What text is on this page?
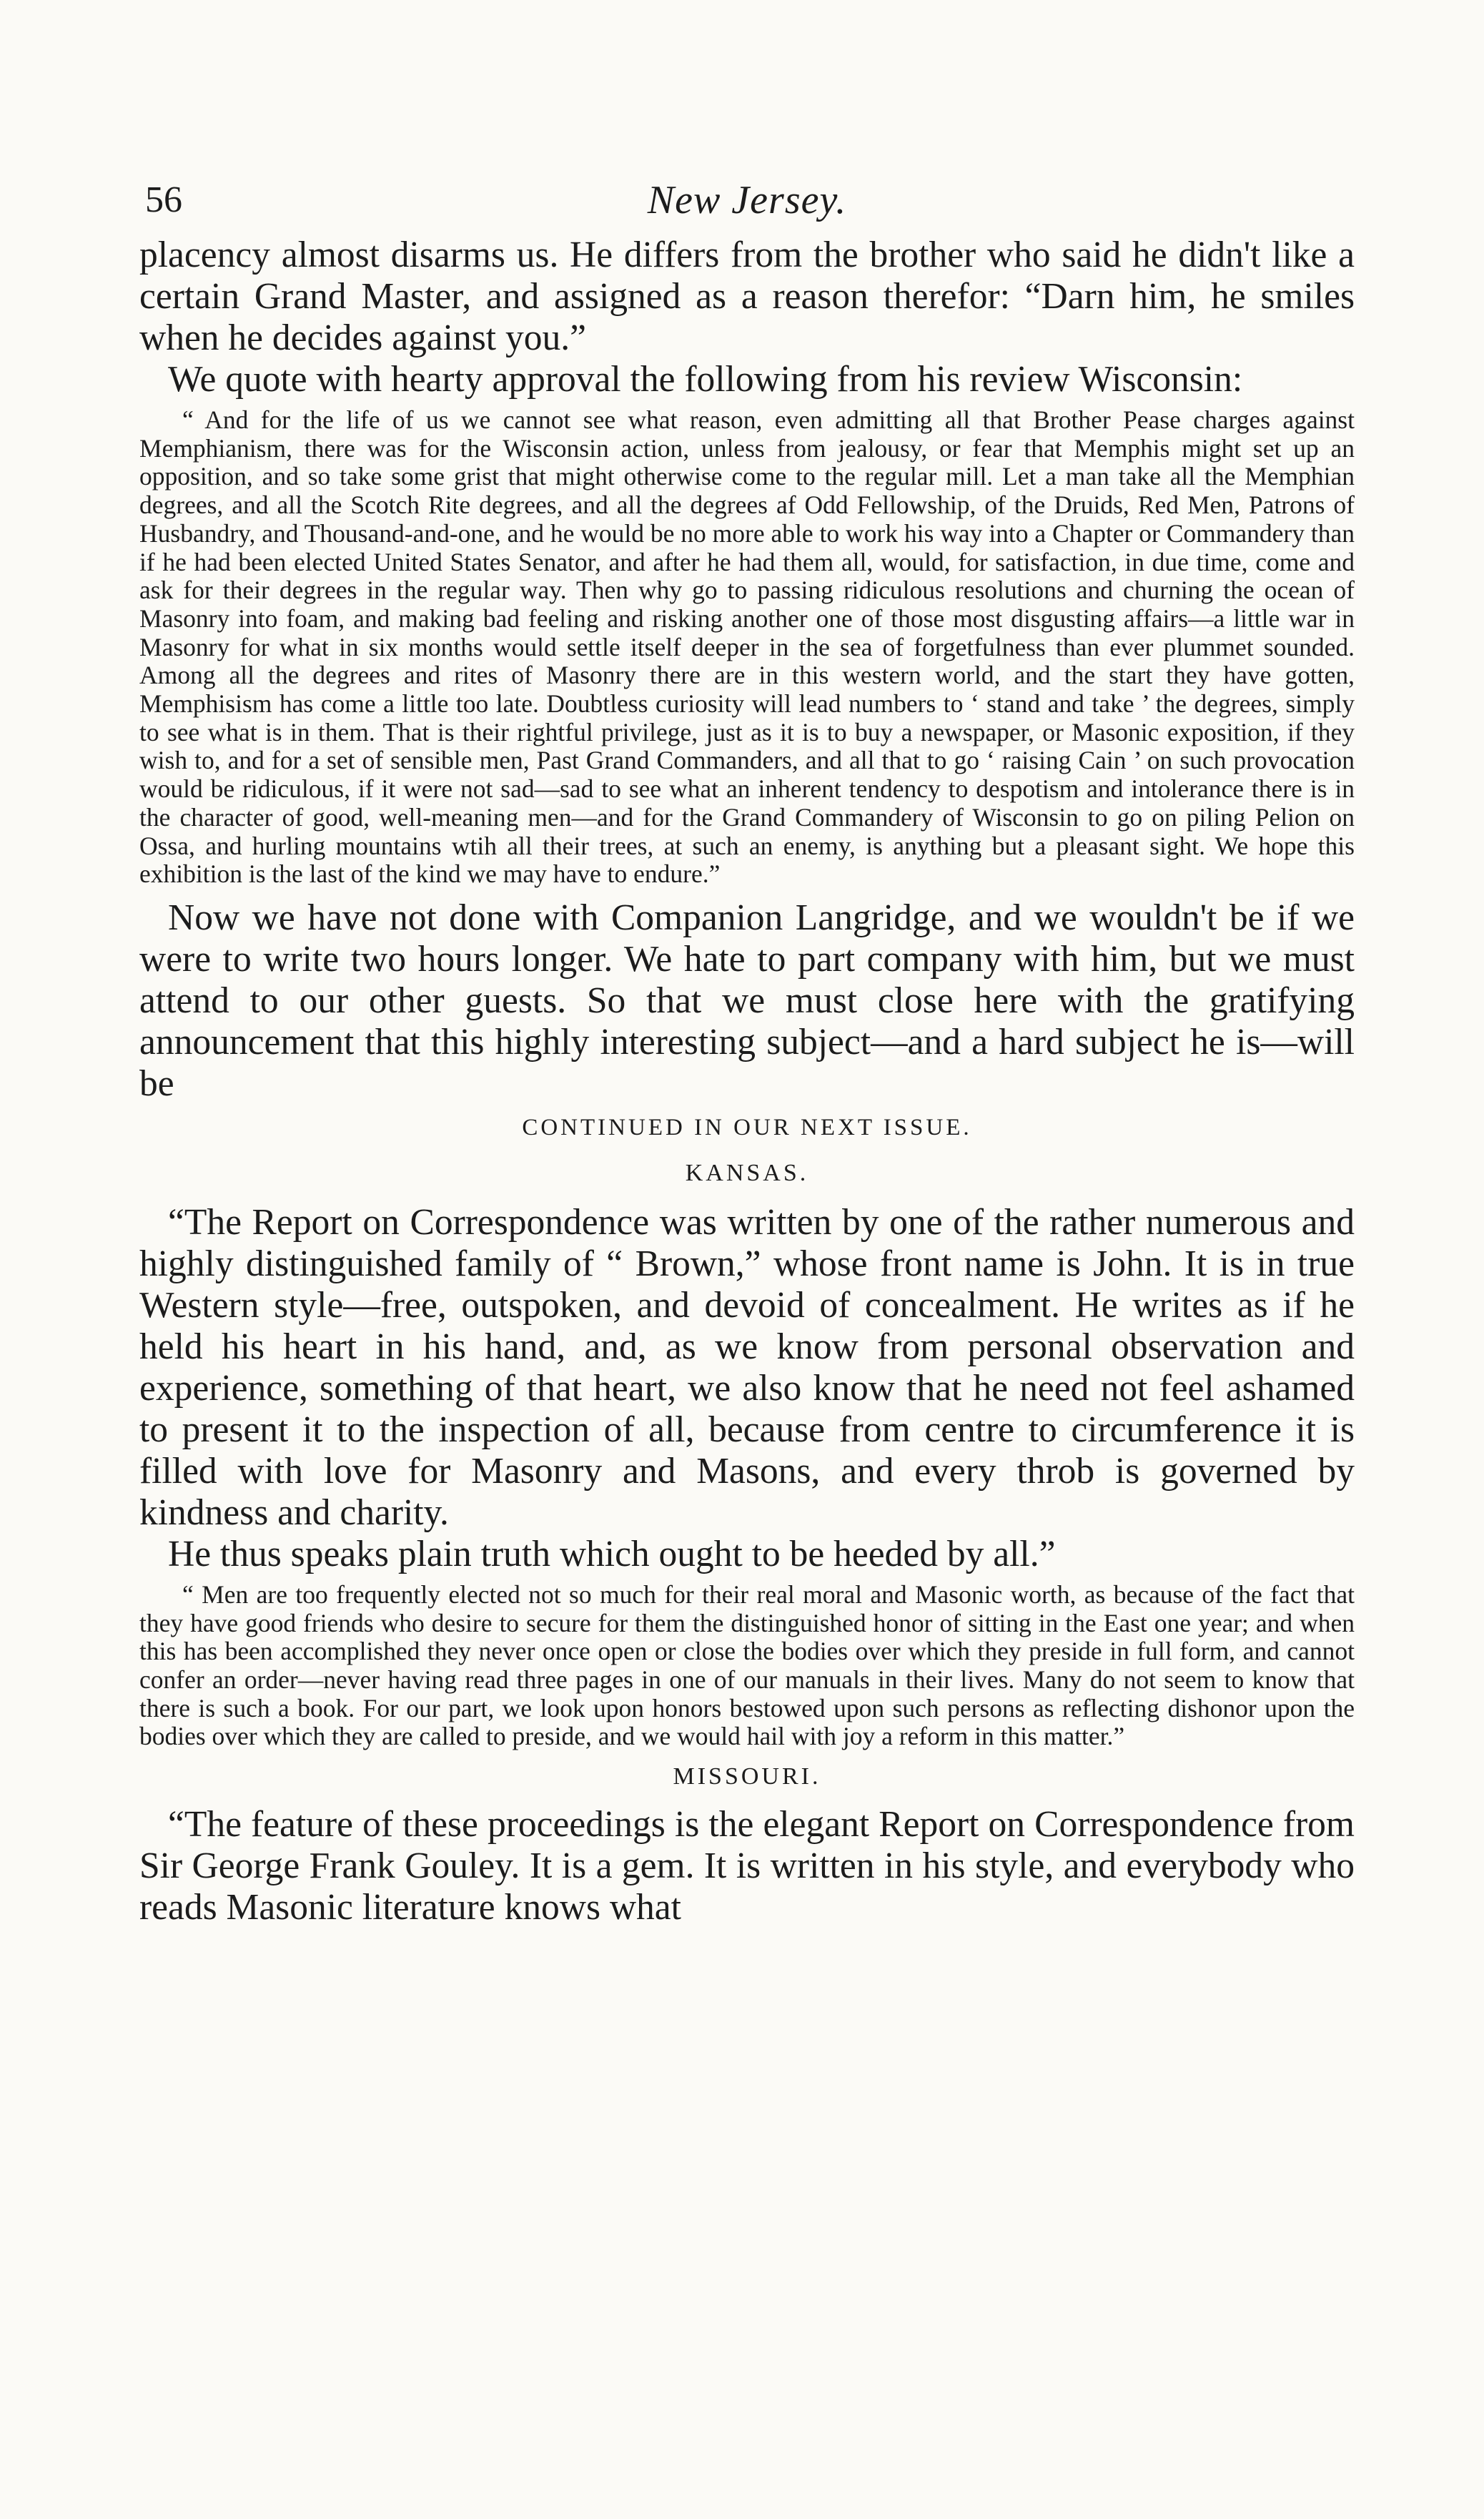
56	New Jersey.

placency almost disarms us. He differs from the brother who said he didn't like a certain Grand Master, and assigned as a reason therefor: “Darn him, he smiles when he decides against you.”

We quote with hearty approval the following from his review Wisconsin:

“ And for the life of us we cannot see what reason, even admitting all that Brother Pease charges against Memphianism, there was for the Wisconsin action, unless from jealousy, or fear that Memphis might set up an opposition, and so take some grist that might otherwise come to the regular mill. Let a man take all the Memphian degrees, and all the Scotch Rite degrees, and all the degrees af Odd Fellowship, of the Druids, Red Men, Patrons of Husbandry, and Thousand-and-one, and he would be no more able to work his way into a Chapter or Commandery than if he had been elected United States Senator, and after he had them all, would, for satisfaction, in due time, come and ask for their degrees in the regular way. Then why go to passing ridiculous resolutions and churning the ocean of Masonry into foam, and making bad feeling and risking another one of those most disgusting affairs—a little war in Masonry for what in six months would settle itself deeper in the sea of forgetfulness than ever plummet sounded. Among all the degrees and rites of Masonry there are in this western world, and the start they have gotten, Memphisism has come a little too late. Doubtless curiosity will lead numbers to ‘ stand and take ’ the degrees, simply to see what is in them. That is their rightful privilege, just as it is to buy a newspaper, or Masonic exposition, if they wish to, and for a set of sensible men, Past Grand Commanders, and all that to go ‘ raising Cain ’ on such provocation would be ridiculous, if it were not sad—sad to see what an inherent tendency to despotism and intolerance there is in the character of good, well-meaning men—and for the Grand Commandery of Wisconsin to go on piling Pelion on Ossa, and hurling mountains wtih all their trees, at such an enemy, is anything but a pleasant sight. We hope this exhibition is the last of the kind we may have to endure.”

Now we have not done with Companion Langridge, and we wouldn't be if we were to write two hours longer. We hate to part company with him, but we must attend to our other guests. So that we must close here with the gratifying announcement that this highly interesting subject—and a hard subject he is—will be

CONTINUED IN OUR NEXT ISSUE.
KANSAS.

“The Report on Correspondence was written by one of the rather numerous and highly distinguished family of “ Brown,” whose front name is John. It is in true Western style—free, outspoken, and devoid of concealment. He writes as if he held his heart in his hand, and, as we know from personal observation and experience, something of that heart, we also know that he need not feel ashamed to present it to the inspection of all, because from centre to circumference it is filled with love for Masonry and Masons, and every throb is governed by kindness and charity.

He thus speaks plain truth which ought to be heeded by all.”

“ Men are too frequently elected not so much for their real moral and Masonic worth, as because of the fact that they have good friends who desire to secure for them the distinguished honor of sitting in the East one year; and when this has been accomplished they never once open or close the bodies over which they preside in full form, and cannot confer an order—never having read three pages in one of our manuals in their lives. Many do not seem to know that there is such a book. For our part, we look upon honors bestowed upon such persons as reflecting dishonor upon the bodies over which they are called to preside, and we would hail with joy a reform in this matter.”

MISSOURI.

“The feature of these proceedings is the elegant Report on Correspondence from Sir George Frank Gouley. It is a gem. It is written in his style, and everybody who reads Masonic literature knows what
